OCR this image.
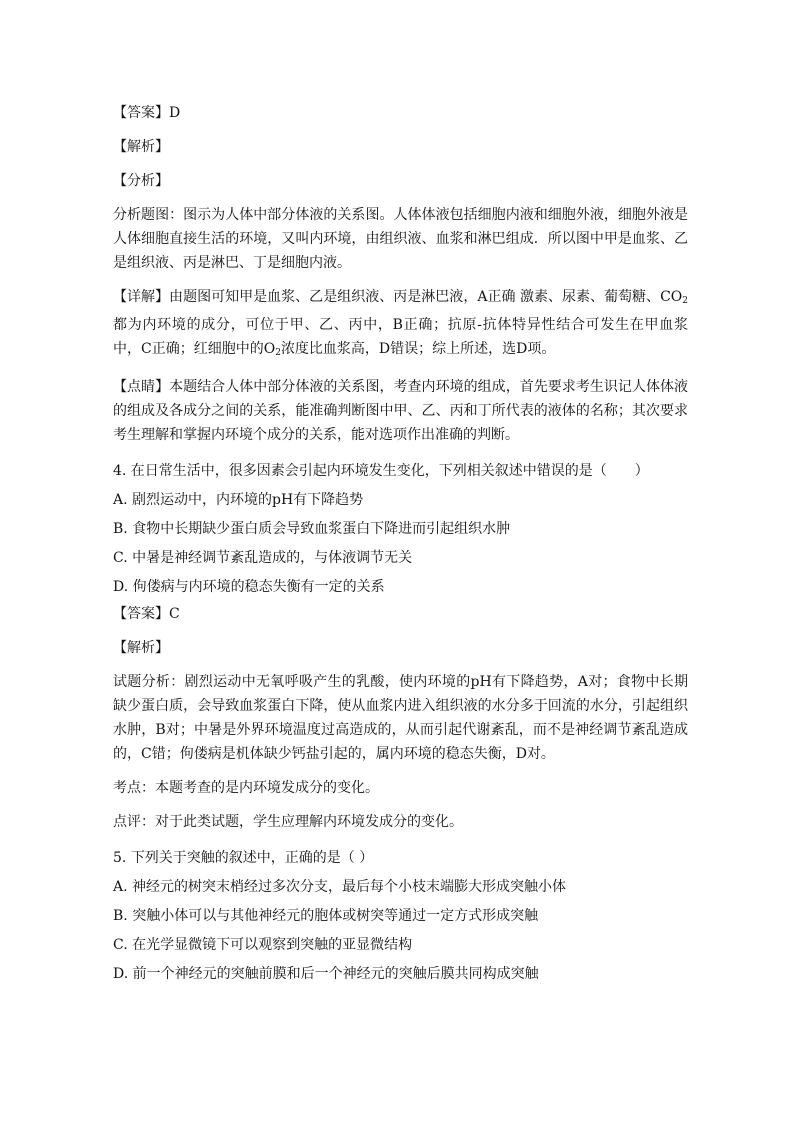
【答案】D
【解析】
【分析】
分析题图：图示为人体中部分体液的关系图。人体体液包括细胞内液和细胞外液，细胞外液是人体细胞直接生活的环境，又叫内环境，由组织液、血浆和淋巴组成．所以图中甲是血浆、乙是组织液、丙是淋巴、丁是细胞内液。
【详解】由题图可知甲是血浆、乙是组织液、丙是淋巴液，A正确 激素、尿素、葡萄糖、$CO_2$都为内环境的成分，可位于甲、乙、丙中，B正确；抗原-抗体特异性结合可发生在甲血浆中，C正确；红细胞中的$O_2$浓度比血浆高，D错误；综上所述，选D项。
【点睛】本题结合人体中部分体液的关系图，考查内环境的组成，首先要求考生识记人体体液的组成及各成分之间的关系，能准确判断图中甲、乙、丙和丁所代表的液体的名称；其次要求考生理解和掌握内环境个成分的关系，能对选项作出准确的判断。
4. 在日常生活中，很多因素会引起内环境发生变化，下列相关叙述中错误的是（　　）
A. 剧烈运动中，内环境的pH有下降趋势
B. 食物中长期缺少蛋白质会导致血浆蛋白下降进而引起组织水肿
C. 中暑是神经调节紊乱造成的，与体液调节无关
D. 佝偻病与内环境的稳态失衡有一定的关系
【答案】C
【解析】
试题分析：剧烈运动中无氧呼吸产生的乳酸，使内环境的pH有下降趋势，A对；食物中长期缺少蛋白质，会导致血浆蛋白下降，使从血浆内进入组织液的水分多于回流的水分，引起组织水肿，B对；中暑是外界环境温度过高造成的，从而引起代谢紊乱，而不是神经调节紊乱造成的，C错；佝偻病是机体缺少钙盐引起的，属内环境的稳态失衡，D对。
考点：本题考查的是内环境发成分的变化。
点评：对于此类试题，学生应理解内环境发成分的变化。
5. 下列关于突触的叙述中，正确的是（ ）
A. 神经元的树突末梢经过多次分支，最后每个小枝末端膨大形成突触小体
B. 突触小体可以与其他神经元的胞体或树突等通过一定方式形成突触
C. 在光学显微镜下可以观察到突触的亚显微结构
D. 前一个神经元的突触前膜和后一个神经元的突触后膜共同构成突触
